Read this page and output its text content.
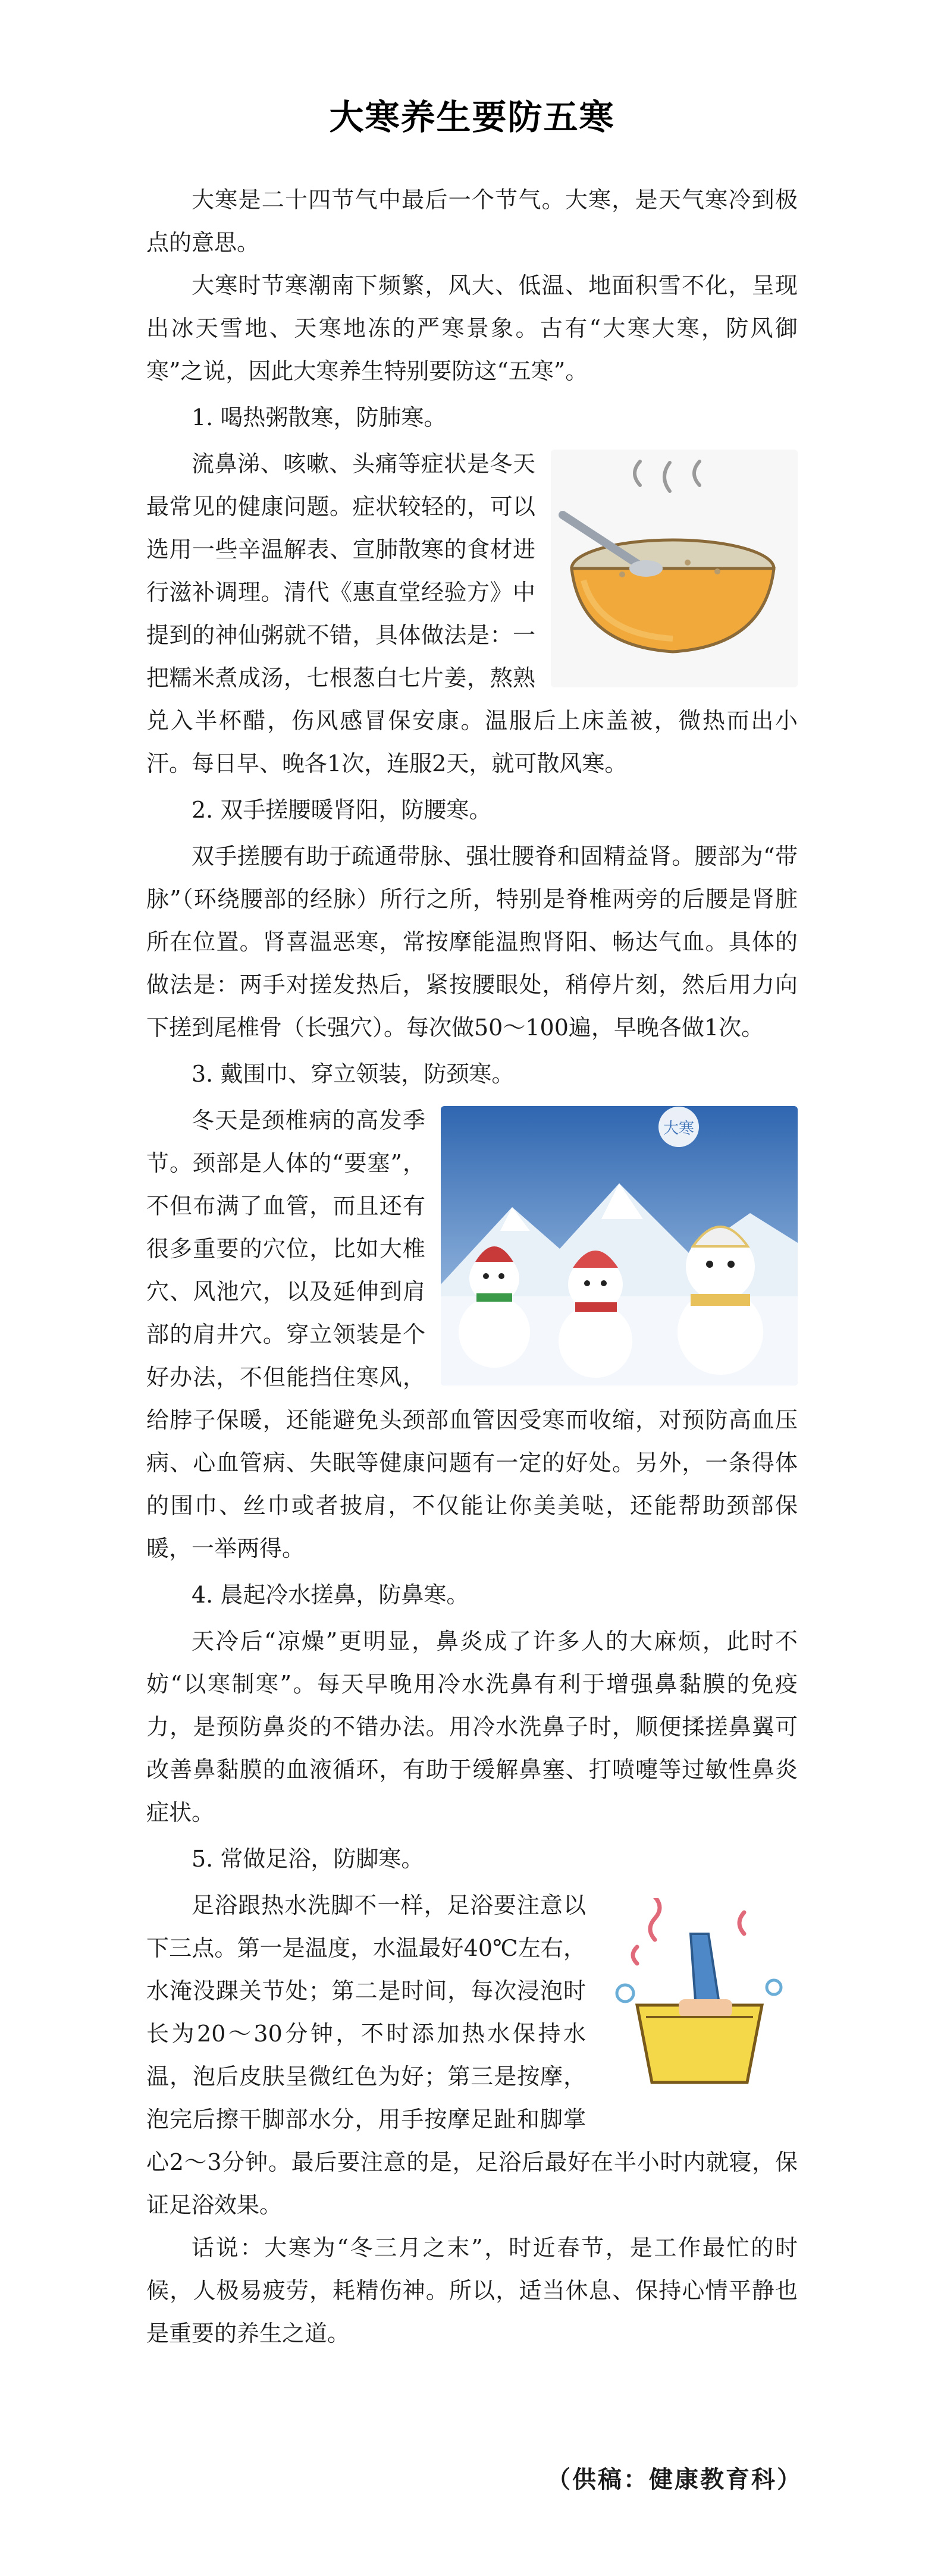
大寒养生要防五寒

大寒是二十四节气中最后一个节气。大寒，是天气寒冷到极点的意思。

大寒时节寒潮南下频繁，风大、低温、地面积雪不化，呈现出冰天雪地、天寒地冻的严寒景象。古有“大寒大寒，防风御寒”之说，因此大寒养生特别要防这“五寒”。

1. 喝热粥散寒，防肺寒。

流鼻涕、咳嗽、头痛等症状是冬天最常见的健康问题。症状较轻的，可以选用一些辛温解表、宣肺散寒的食材进行滋补调理。清代《惠直堂经验方》中提到的神仙粥就不错，具体做法是：一把糯米煮成汤，七根葱白七片姜，熬熟兑入半杯醋，伤风感冒保安康。温服后上床盖被，微热而出小汗。每日早、晚各1次，连服2天，就可散风寒。

2. 双手搓腰暖肾阳，防腰寒。

双手搓腰有助于疏通带脉、强壮腰脊和固精益肾。腰部为“带脉”（环绕腰部的经脉）所行之所，特别是脊椎两旁的后腰是肾脏所在位置。肾喜温恶寒，常按摩能温煦肾阳、畅达气血。具体的做法是：两手对搓发热后，紧按腰眼处，稍停片刻，然后用力向下搓到尾椎骨（长强穴）。每次做50～100遍，早晚各做1次。

3. 戴围巾、穿立领装，防颈寒。

大寒

冬天是颈椎病的高发季节。颈部是人体的“要塞”，不但布满了血管，而且还有很多重要的穴位，比如大椎穴、风池穴，以及延伸到肩部的肩井穴。穿立领装是个好办法，不但能挡住寒风，给脖子保暖，还能避免头颈部血管因受寒而收缩，对预防高血压病、心血管病、失眠等健康问题有一定的好处。另外，一条得体的围巾、丝巾或者披肩，不仅能让你美美哒，还能帮助颈部保暖，一举两得。

4. 晨起冷水搓鼻，防鼻寒。

天冷后“凉燥”更明显，鼻炎成了许多人的大麻烦，此时不妨“以寒制寒”。每天早晚用冷水洗鼻有利于增强鼻黏膜的免疫力，是预防鼻炎的不错办法。用冷水洗鼻子时，顺便揉搓鼻翼可改善鼻黏膜的血液循环，有助于缓解鼻塞、打喷嚏等过敏性鼻炎症状。

5. 常做足浴，防脚寒。

足浴跟热水洗脚不一样，足浴要注意以下三点。第一是温度，水温最好40℃左右，水淹没踝关节处；第二是时间，每次浸泡时长为20～30分钟，不时添加热水保持水温，泡后皮肤呈微红色为好；第三是按摩，泡完后擦干脚部水分，用手按摩足趾和脚掌心2～3分钟。最后要注意的是，足浴后最好在半小时内就寝，保证足浴效果。

话说：大寒为“冬三月之末”，时近春节，是工作最忙的时候，人极易疲劳，耗精伤神。所以，适当休息、保持心情平静也是重要的养生之道。

（供稿：健康教育科）
